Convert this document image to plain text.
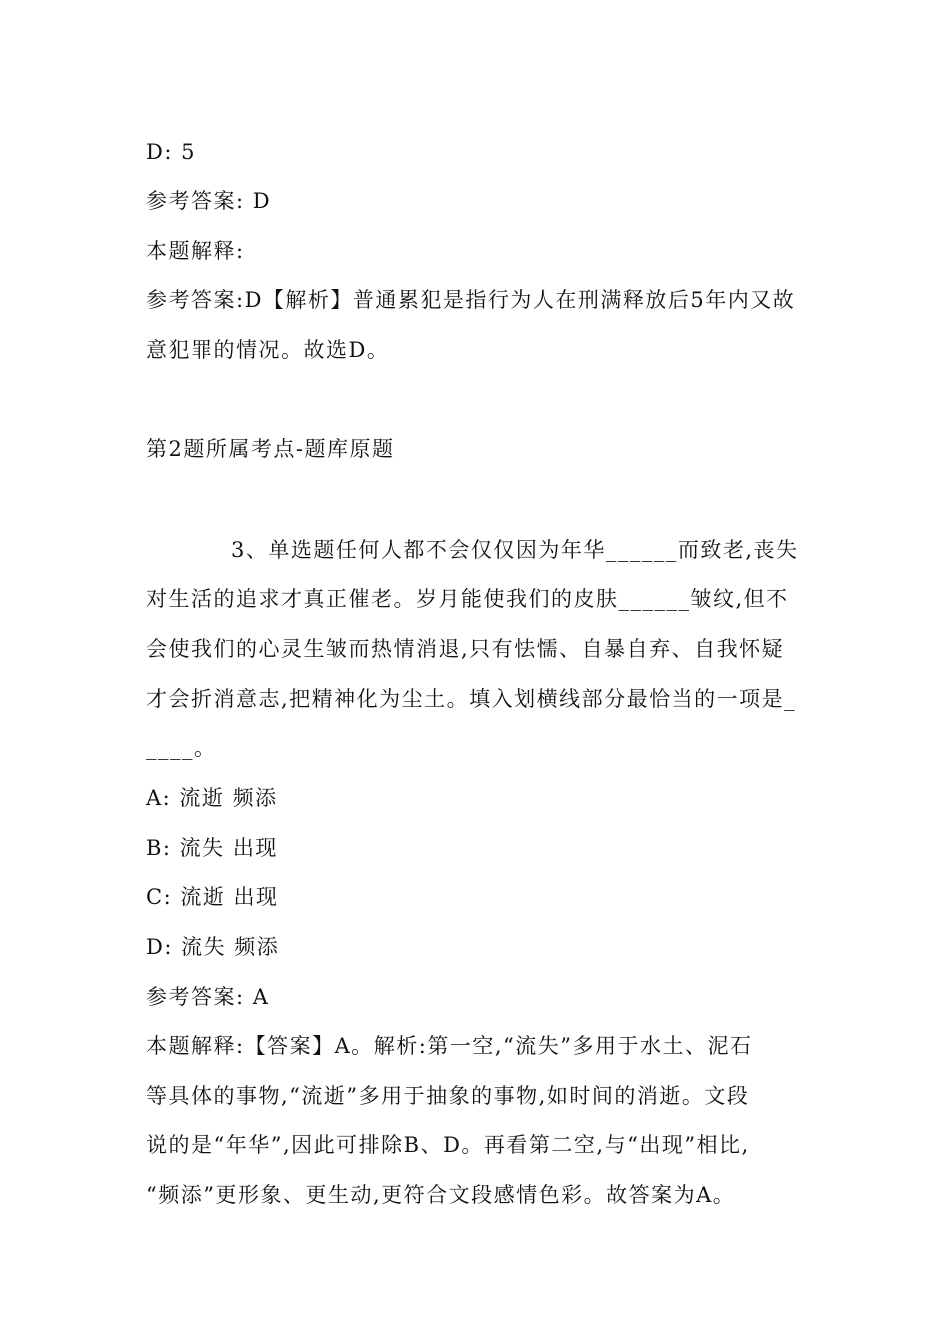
D: 5
参考答案: D
本题解释:
参考答案:D【解析】普通累犯是指行为人在刑满释放后5年内又故
意犯罪的情况。故选D。
第2题所属考点-题库原题
3、单选题任何人都不会仅仅因为年华______而致老,丧失
对生活的追求才真正催老。岁月能使我们的皮肤______皱纹,但不
会使我们的心灵生皱而热情消退,只有怯懦、自暴自弃、自我怀疑
才会折消意志,把精神化为尘土。填入划横线部分最恰当的一项是_
____。
A: 流逝 频添
B: 流失 出现
C: 流逝 出现
D: 流失 频添
参考答案: A
本题解释:【答案】A。解析:第一空,“流失”多用于水土、泥石
等具体的事物,“流逝”多用于抽象的事物,如时间的消逝。文段
说的是“年华”,因此可排除B、D。再看第二空,与“出现”相比,
“频添”更形象、更生动,更符合文段感情色彩。故答案为A。
